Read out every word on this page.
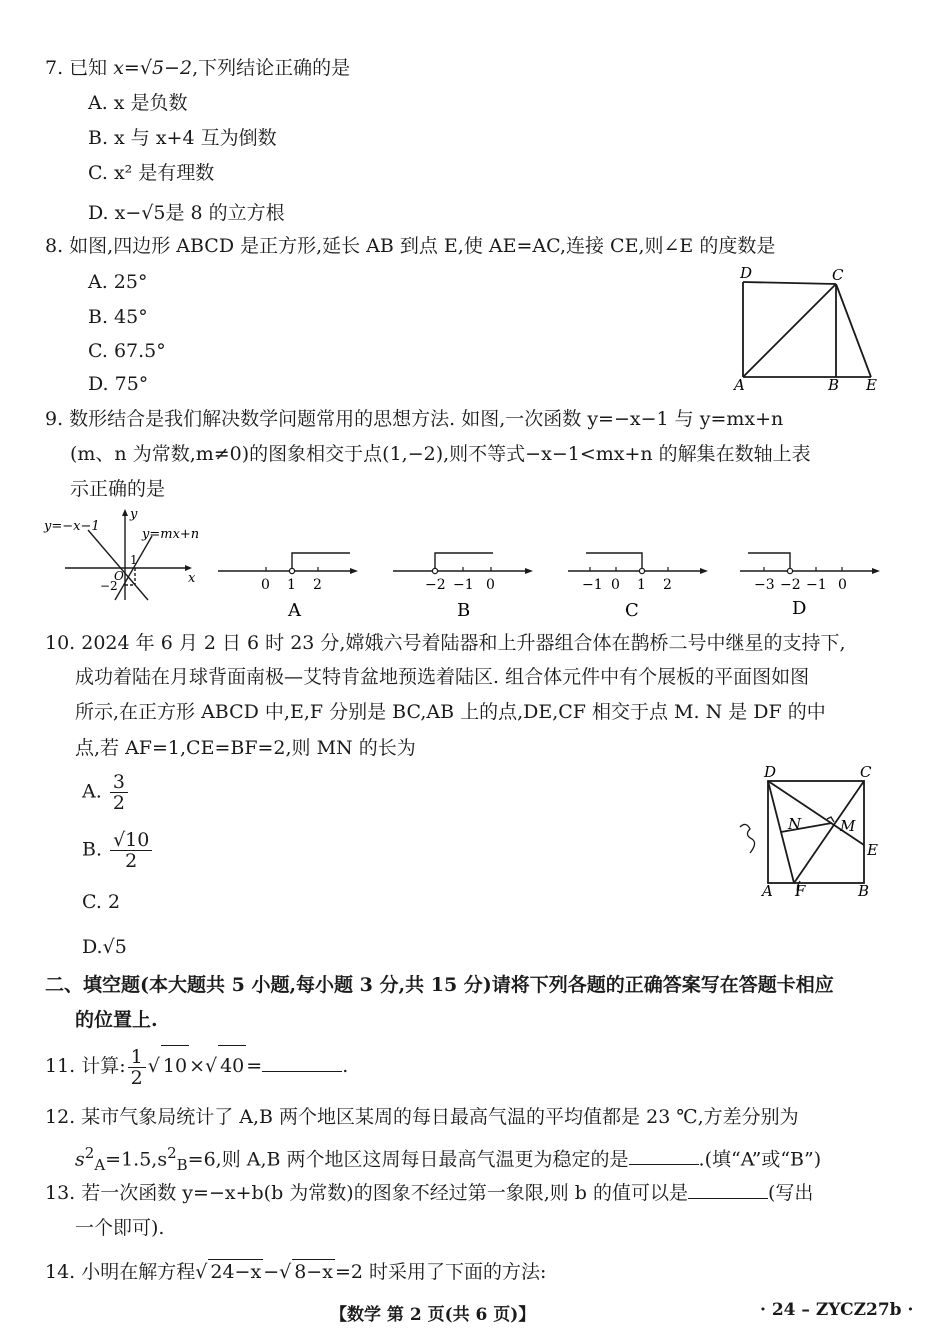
7. 已知 x=√5−2,下列结论正确的是
A. x 是负数
B. x 与 x+4 互为倒数
C. x² 是有理数
D. x−√5是 8 的立方根
8. 如图,四边形 ABCD 是正方形,延长 AB 到点 E,使 AE=AC,连接 CE,则∠E 的度数是
A. 25°
B. 45°
C. 67.5°
D. 75°
D	C
A	B E
9. 数形结合是我们解决数学问题常用的思想方法. 如图,一次函数 y=−x−1 与 y=mx+n
(m、n 为常数,m≠0)的图象相交于点(1,−2),则不等式−x−1<mx+n 的解集在数轴上表
示正确的是
y=−x−1
y=mx+n
y
x
O
1
−2	0 1 2
A
−2 −1 0
B
−1 0 1 2
C
−3 −2 −1 0
D
10. 2024 年 6 月 2 日 6 时 23 分,嫦娥六号着陆器和上升器组合体在鹊桥二号中继星的支持下,
成功着陆在月球背面南极—艾特肯盆地预选着陆区. 组合体元件中有个展板的平面图如图
所示,在正方形 ABCD 中,E,F 分别是 BC,AB 上的点,DE,CF 相交于点 M. N 是 DF 的中
点,若 AF=1,CE=BF=2,则 MN 的长为
A. $\frac{3}{2}$
B. $\frac{√10}{2}$
C. 2
D.√5
D	C
N	M
E
A F	B
二、填空题(本大题共 5 小题,每小题 3 分,共 15 分)请将下列各题的正确答案写在答题卡相应
的位置上.
11. 计算: $\frac{1}{2}$ √ 10 ×√ 40 =	.
12. 某市气象局统计了 A,B 两个地区某周的每日最高气温的平均值都是 23 ℃,方差分别为
$s^2_A=1.5,s^2_B=6$,则 A,B 两个地区这周每日最高气温更为稳定的是	.(填“A”或“B”)
13. 若一次函数 y=−x+b(b 为常数)的图象不经过第一象限,则 b 的值可以是	(写出
一个即可).
14. 小明在解方程√ 24−x −√ 8−x =2 时采用了下面的方法:
【数学 第 2 页(共 6 页)】	· 24 – ZYCZ27b ·
